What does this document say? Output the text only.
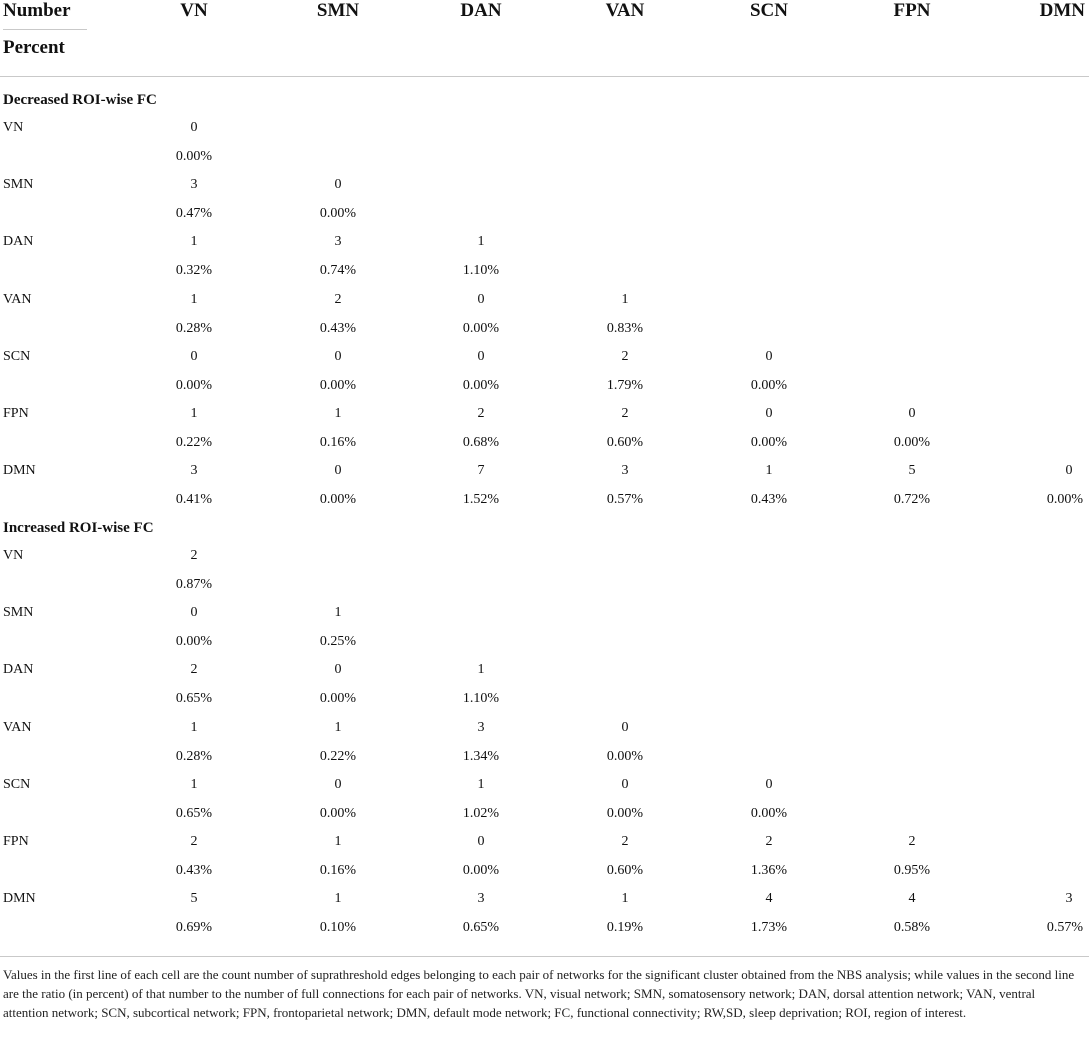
Number
Percent
VN	SMN	DAN	VAN	SCN	FPN	DMN
Decreased ROI-wise FC
VN	0
0.00%
SMN	3	0
0.47%	0.00%
DAN	1	3	1
0.32%	0.74%	1.10%
VAN	1	2	0	1
0.28%	0.43%	0.00%	0.83%
SCN	0	0	0	2	0
0.00%	0.00%	0.00%	1.79%	0.00%
FPN	1	1	2	2	0	0
0.22%	0.16%	0.68%	0.60%	0.00%	0.00%
DMN	3	0	7	3	1	5	0
0.41%	0.00%	1.52%	0.57%	0.43%	0.72%	0.00%
Increased ROI-wise FC
VN	2
0.87%
SMN	0	1
0.00%	0.25%
DAN	2	0	1
0.65%	0.00%	1.10%
VAN	1	1	3	0
0.28%	0.22%	1.34%	0.00%
SCN	1	0	1	0	0
0.65%	0.00%	1.02%	0.00%	0.00%
FPN	2	1	0	2	2	2
0.43%	0.16%	0.00%	0.60%	1.36%	0.95%
DMN	5	1	3	1	4	4	3
0.69%	0.10%	0.65%	0.19%	1.73%	0.58%	0.57%
Values in the first line of each cell are the count number of suprathreshold edges belonging to each pair of networks for the significant cluster obtained from the NBS analysis; while values in the second line are the ratio (in percent) of that number to the number of full connections for each pair of networks. VN, visual network; SMN, somatosensory network; DAN, dorsal attention network; VAN, ventral attention network; SCN, subcortical network; FPN, frontoparietal network; DMN, default mode network; FC, functional connectivity; RW,SD, sleep deprivation; ROI, region of interest.
